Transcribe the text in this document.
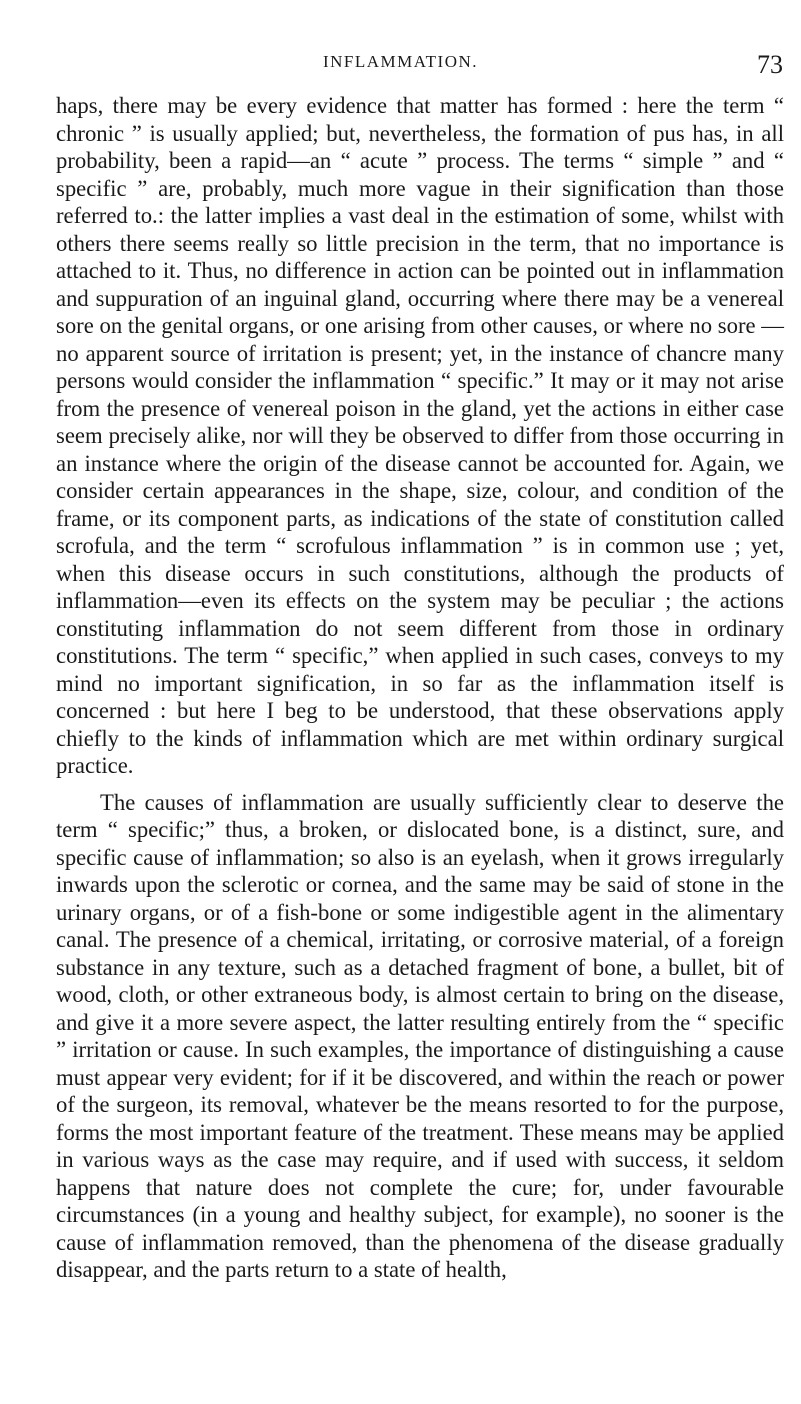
INFLAMMATION.	73

haps, there may be every evidence that matter has formed : here the term “ chronic ” is usually applied; but, nevertheless, the formation of pus has, in all probability, been a rapid—an “ acute ” process. The terms “ simple ” and “ specific ” are, probably, much more vague in their signification than those referred to.: the latter implies a vast deal in the estimation of some, whilst with others there seems really so little precision in the term, that no importance is attached to it. Thus, no difference in action can be pointed out in inflammation and suppuration of an inguinal gland, occurring where there may be a venereal sore on the genital organs, or one arising from other causes, or where no sore — no apparent source of irritation is present; yet, in the instance of chancre many persons would consider the inflammation “ specific.” It may or it may not arise from the presence of venereal poison in the gland, yet the actions in either case seem precisely alike, nor will they be observed to differ from those occurring in an instance where the origin of the disease cannot be accounted for. Again, we consider certain appearances in the shape, size, colour, and condition of the frame, or its component parts, as indications of the state of constitution called scrofula, and the term “ scrofulous inflammation ” is in common use ; yet, when this disease occurs in such constitutions, although the products of inflammation—even its effects on the system may be peculiar ; the actions constituting inflammation do not seem different from those in ordinary constitutions. The term “ specific,” when applied in such cases, conveys to my mind no important signification, in so far as the inflammation itself is concerned : but here I beg to be understood, that these observations apply chiefly to the kinds of inflammation which are met within ordinary surgical practice.

The causes of inflammation are usually sufficiently clear to deserve the term “ specific;” thus, a broken, or dislocated bone, is a distinct, sure, and specific cause of inflammation; so also is an eyelash, when it grows irregularly inwards upon the sclerotic or cornea, and the same may be said of stone in the urinary organs, or of a fish-bone or some indigestible agent in the alimentary canal. The presence of a chemical, irritating, or corrosive material, of a foreign substance in any texture, such as a detached fragment of bone, a bullet, bit of wood, cloth, or other extraneous body, is almost certain to bring on the disease, and give it a more severe aspect, the latter resulting entirely from the “ specific ” irritation or cause. In such examples, the importance of distinguishing a cause must appear very evident; for if it be discovered, and within the reach or power of the surgeon, its removal, whatever be the means resorted to for the purpose, forms the most important feature of the treatment. These means may be applied in various ways as the case may require, and if used with success, it seldom happens that nature does not complete the cure; for, under favourable circumstances (in a young and healthy subject, for example), no sooner is the cause of inflammation removed, than the phenomena of the disease gradually disappear, and the parts return to a state of health,
